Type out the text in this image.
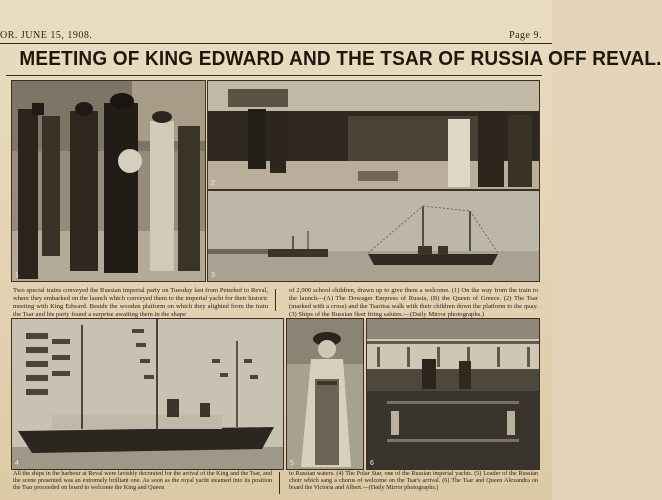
OR. JUNE 15, 1908.	Page 9.
MEETING OF KING EDWARD AND THE TSAR OF RUSSIA OFF REVAL.
1
2
3
Two special trains conveyed the Russian imperial party on Tuesday last from Peterhof to Reval, where they embarked on the launch which conveyed them to the imperial yacht for their historic meeting with King Edward. Beside the wooden platform on which they alighted from the train the Tsar and his party found a surprise awaiting them in the shape
of 2,000 school children, drawn up to give them a welcome. (1) On the way from the train to the launch—(A) The Dowager Empress of Russia, (B) the Queen of Greece. (2) The Tsar (marked with a cross) and the Tsaritsa walk with their children down the platform to the quay. (3) Ships of the Russian fleet firing salutes.—(Daily Mirror photographs.)
4	5	6
All the ships in the harbour at Reval were lavishly decorated for the arrival of the King and the Tsar, and the scene presented was an extremely brilliant one. As soon as the royal yacht steamed into its position the Tsar proceeded on board to welcome the King and Queen
to Russian waters. (4) The Polar Star, one of the Russian imperial yachts. (5) Leader of the Russian choir which sang a chorus of welcome on the Tsar's arrival. (6) The Tsar and Queen Alexandra on board the Victoria and Albert.—(Daily Mirror photographs.)
